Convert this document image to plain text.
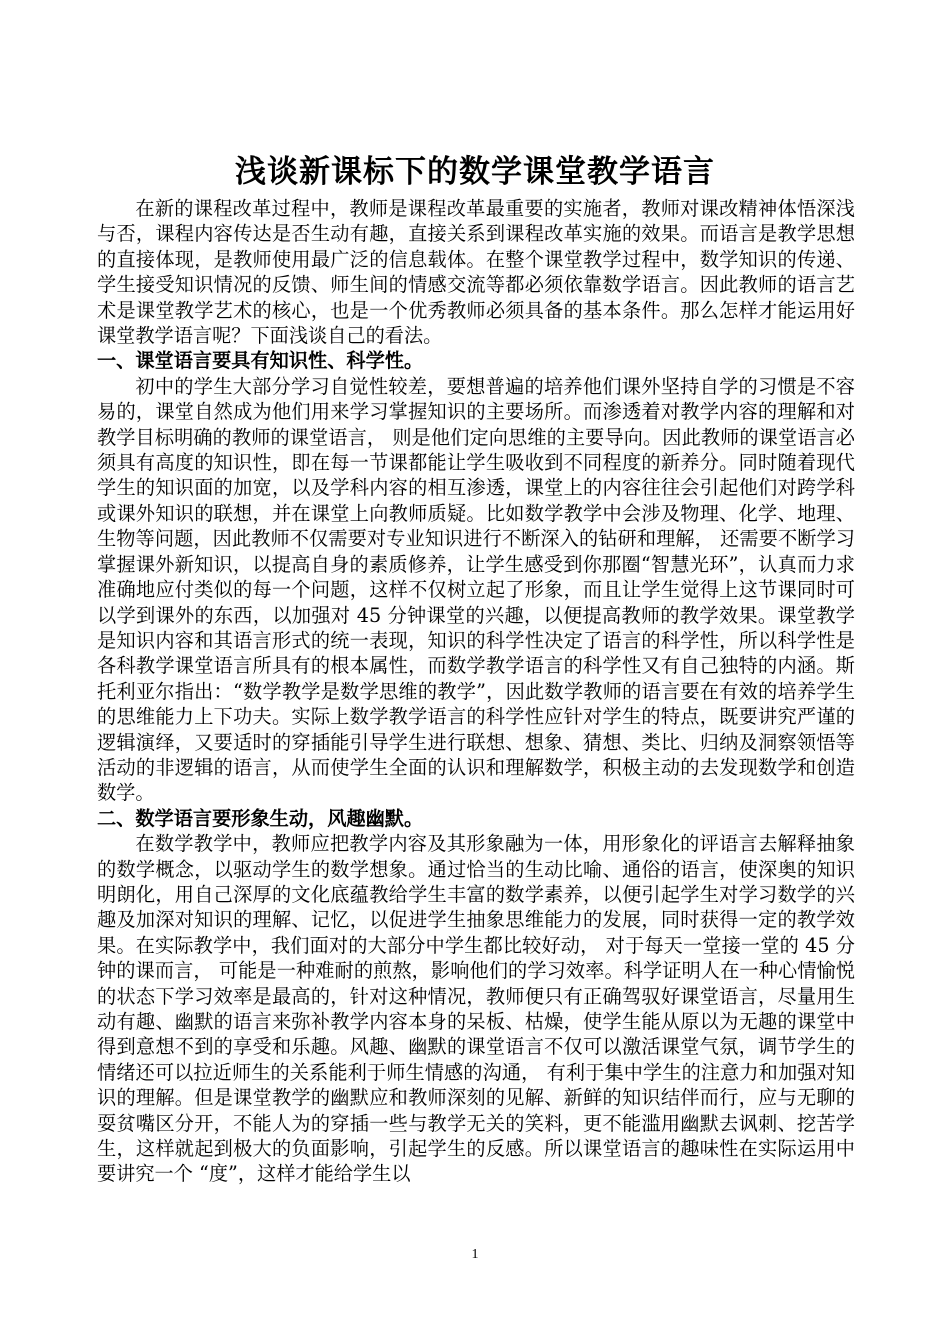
浅谈新课标下的数学课堂教学语言

在新的课程改革过程中，教师是课程改革最重要的实施者，教师对课改精神体悟深浅与否，课程内容传达是否生动有趣，直接关系到课程改革实施的效果。而语言是教学思想的直接体现，是教师使用最广泛的信息载体。在整个课堂教学过程中，数学知识的传递、学生接受知识情况的反馈、师生间的情感交流等都必须依靠数学语言。因此教师的语言艺术是课堂教学艺术的核心，也是一个优秀教师必须具备的基本条件。那么怎样才能运用好课堂教学语言呢？下面浅谈自己的看法。

一、课堂语言要具有知识性、科学性。

初中的学生大部分学习自觉性较差，要想普遍的培养他们课外坚持自学的习惯是不容易的，课堂自然成为他们用来学习掌握知识的主要场所。而渗透着对教学内容的理解和对教学目标明确的教师的课堂语言， 则是他们定向思维的主要导向。因此教师的课堂语言必须具有高度的知识性，即在每一节课都能让学生吸收到不同程度的新养分。同时随着现代学生的知识面的加宽，以及学科内容的相互渗透，课堂上的内容往往会引起他们对跨学科或课外知识的联想，并在课堂上向教师质疑。比如数学教学中会涉及物理、化学、地理、生物等问题，因此教师不仅需要对专业知识进行不断深入的钻研和理解， 还需要不断学习掌握课外新知识，以提高自身的素质修养，让学生感受到你那圈“智慧光环”，认真而力求准确地应付类似的每一个问题，这样不仅树立起了形象，而且让学生觉得上这节课同时可以学到课外的东西，以加强对 45 分钟课堂的兴趣，以便提高教师的教学效果。课堂教学是知识内容和其语言形式的统一表现，知识的科学性决定了语言的科学性，所以科学性是各科教学课堂语言所具有的根本属性，而数学教学语言的科学性又有自己独特的内涵。斯托利亚尔指出：“数学教学是数学思维的教学”，因此数学教师的语言要在有效的培养学生的思维能力上下功夫。实际上数学教学语言的科学性应针对学生的特点，既要讲究严谨的逻辑演绎，又要适时的穿插能引导学生进行联想、想象、猜想、类比、归纳及洞察领悟等活动的非逻辑的语言，从而使学生全面的认识和理解数学，积极主动的去发现数学和创造数学。

二、数学语言要形象生动，风趣幽默。

在数学教学中，教师应把教学内容及其形象融为一体，用形象化的评语言去解释抽象的数学概念，以驱动学生的数学想象。通过恰当的生动比喻、通俗的语言，使深奥的知识明朗化，用自己深厚的文化底蕴教给学生丰富的数学素养，以便引起学生对学习数学的兴趣及加深对知识的理解、记忆，以促进学生抽象思维能力的发展，同时获得一定的教学效果。在实际教学中，我们面对的大部分中学生都比较好动， 对于每天一堂接一堂的 45 分钟的课而言， 可能是一种难耐的煎熬，影响他们的学习效率。科学证明人在一种心情愉悦的状态下学习效率是最高的，针对这种情况，教师便只有正确驾驭好课堂语言，尽量用生动有趣、幽默的语言来弥补教学内容本身的呆板、枯燥，使学生能从原以为无趣的课堂中得到意想不到的享受和乐趣。风趣、幽默的课堂语言不仅可以激活课堂气氛，调节学生的情绪还可以拉近师生的关系能利于师生情感的沟通， 有利于集中学生的注意力和加强对知识的理解。但是课堂教学的幽默应和教师深刻的见解、新鲜的知识结伴而行，应与无聊的耍贫嘴区分开，不能人为的穿插一些与教学无关的笑料，更不能滥用幽默去讽刺、挖苦学生，这样就起到极大的负面影响，引起学生的反感。所以课堂语言的趣味性在实际运用中要讲究一个 “度”，这样才能给学生以

1
